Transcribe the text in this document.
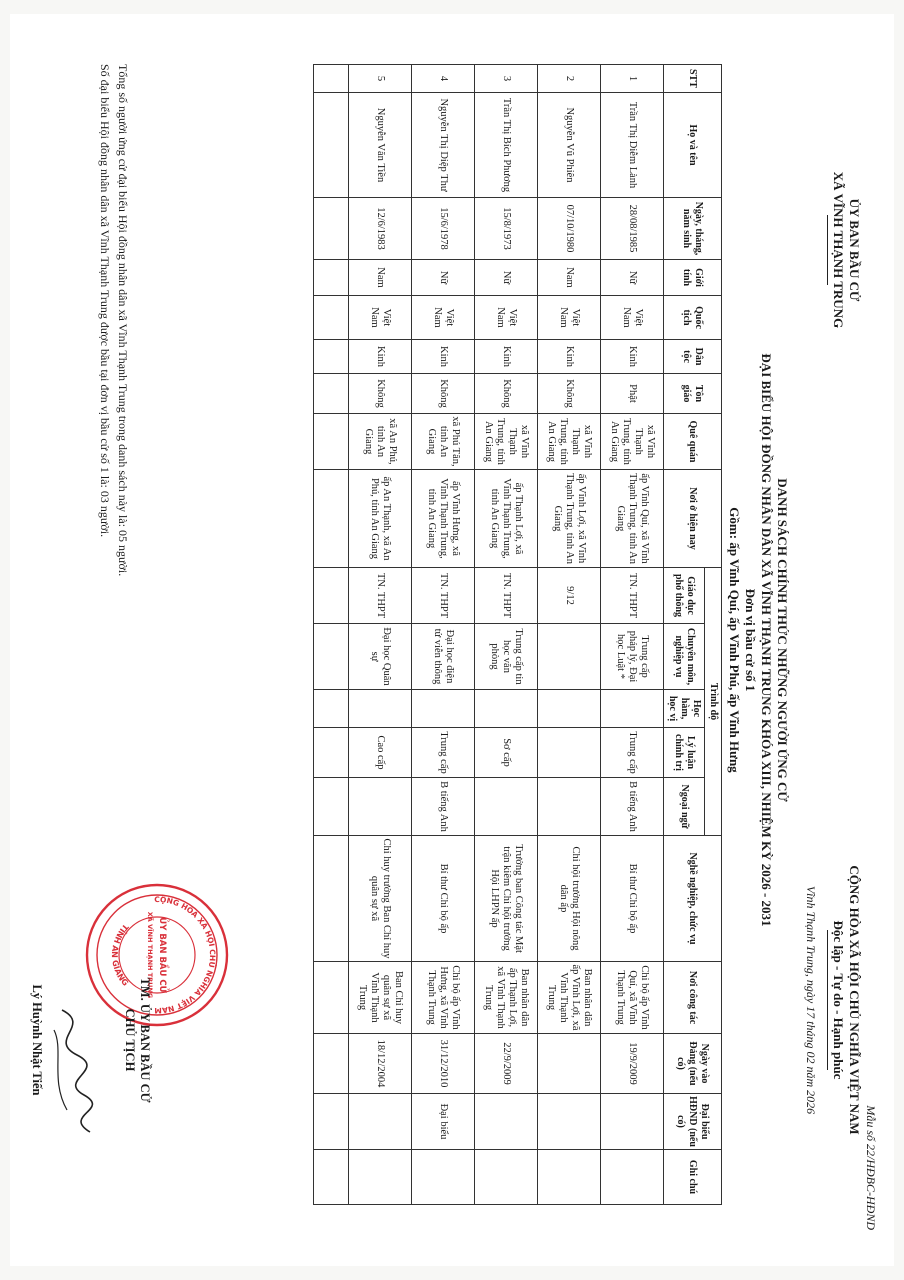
Mẫu số 22/HĐBC-HĐND
ỦY BAN BẦU CỬ
XÃ VĨNH THẠNH TRUNG
CỘNG HÒA XÃ HỘI CHỦ NGHĨA VIỆT NAM
Độc lập - Tự do - Hạnh phúc
Vĩnh Thạnh Trung, ngày 17 tháng 02 năm 2026
DANH SÁCH CHÍNH THỨC NHỮNG NGƯỜI ỨNG CỬ
ĐẠI BIỂU HỘI ĐỒNG NHÂN DÂN XÃ VĨNH THẠNH TRUNG KHÓA XIII, NHIỆM KỲ 2026 - 2031
Đơn vị bầu cử số 1
Gồm: ấp Vĩnh Quí, ấp Vĩnh Phú, ấp Vĩnh Hưng
STT	Họ và tên	Ngày, tháng, năm sinh	Giới tính	Quốc tịch	Dân tộc	Tôn giáo	Quê quán	Nơi ở hiện nay	Trình độ					Nghề nghiệp, chức vụ	Nơi công tác	Ngày vào Đảng (nếu có)	Đại biểu HĐND (nếu có)	Ghi chú
									Giáo dục phổ thông	Chuyên môn, nghiệp vụ	Học hàm, học vị	Lý luận chính trị	Ngoại ngữ					
1	Trần Thị Diễm Lành	28/08/1985	Nữ	Việt Nam	Kinh	Phật	xã Vĩnh Thạnh Trung, tỉnh An Giang	ấp Vĩnh Quí, xã Vĩnh Thạnh Trung, tỉnh An Giang	TN. THPT	Trung cấp pháp lý, Đại học Luật *		Trung cấp	B tiếng Anh	Bí thư Chi bộ ấp	Chi bộ ấp Vĩnh Quí, xã Vĩnh Thạnh Trung	19/9/2009		
2	Nguyễn Vũ Phiên	07/10/1980	Nam	Việt Nam	Kinh	Không	xã Vĩnh Thạnh Trung, tỉnh An Giang	ấp Vĩnh Lợi, xã Vĩnh Thạnh Trung, tỉnh An Giang	9/12					Chi hội trưởng Hội nông dân ấp	Ban nhân dân ấp Vĩnh Lợi, xã Vĩnh Thạnh Trung			
3	Trần Thị Bích Phương	15/8/1973	Nữ	Việt Nam	Kinh	Không	xã Vĩnh Thạnh Trung, tỉnh An Giang	ấp Thạnh Lợi, xã Vĩnh Thạnh Trung, tỉnh An Giang	TN. THPT	Trung cấp tin học văn phòng		Sơ cấp		Trưởng ban Công tác Mặt trận kiêm Chi hội trưởng Hội LHPN ấp	Ban nhân dân ấp Thạnh Lợi, xã Vĩnh Thạnh Trung	22/9/2009		
4	Nguyễn Thị Diệp Thư	15/6/1978	Nữ	Việt Nam	Kinh	Không	xã Phú Tân, tỉnh An Giang	ấp Vĩnh Hưng, xã Vĩnh Thạnh Trung, tỉnh An Giang	TN. THPT	Đại học điện tử viễn thông		Trung cấp	B tiếng Anh	Bí thư Chi bộ ấp	Chi bộ ấp Vĩnh Hưng, xã Vĩnh Thạnh Trung	31/12/2010	Đại biểu	
5	Nguyễn Văn Tiền	12/6/1983	Nam	Việt Nam	Kinh	Không	xã An Phú, tỉnh An Giang	ấp An Thạnh, xã An Phú, tỉnh An Giang	TN. THPT	Đại học Quân sự		Cao cấp		Chỉ huy trưởng Ban Chỉ huy quân sự xã	Ban Chỉ huy quân sự xã Vĩnh Thạnh Trung	18/12/2004		

Tổng số người ứng cử đại biểu Hội đồng nhân dân xã Vĩnh Thạnh Trung trong danh sách này là: 05 người.
Số đại biểu Hội đồng nhân dân xã Vĩnh Thạnh Trung được bầu tại đơn vị bầu cử số 1 là: 03 người.
CỘNG HÒA XÃ HỘI CHỦ NGHĨA VIỆT NAM
TỈNH AN GIANG	ỦY BAN BẦU CỬ
XÃ VĨNH THẠNH TRUNG
TM. ỦY BAN BẦU CỬ
CHỦ TỊCH
Lý Huỳnh Nhật Tiến
